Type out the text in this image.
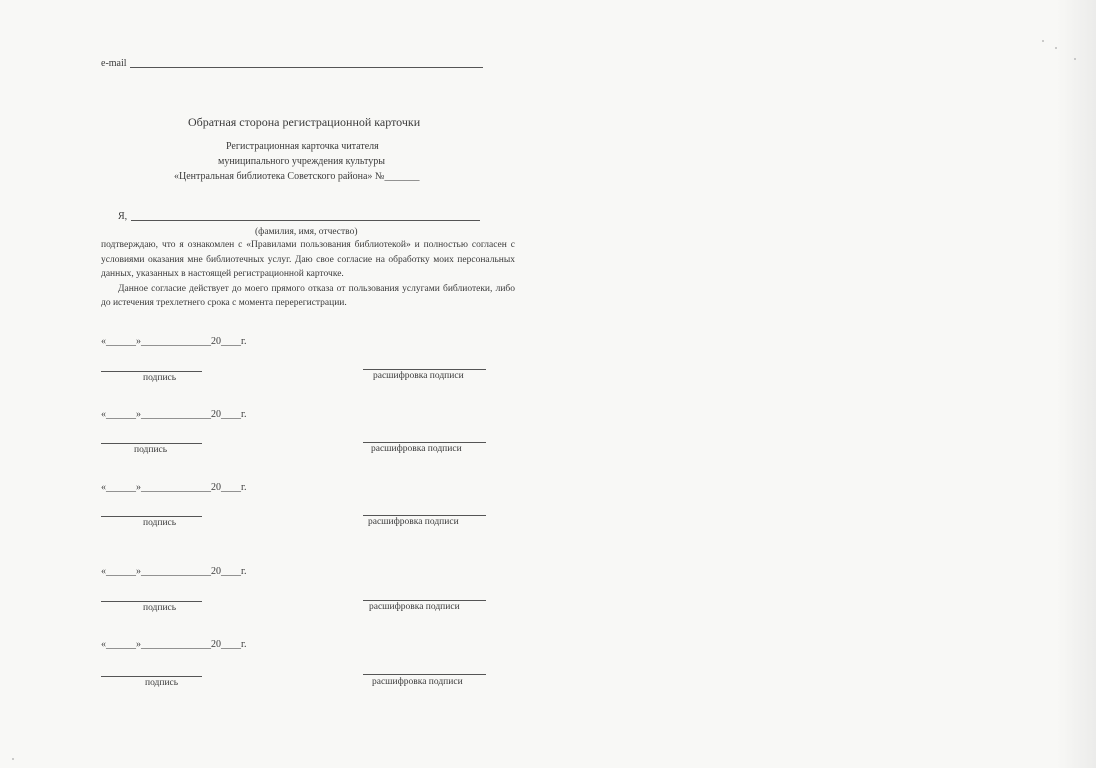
e-mail
Обратная сторона регистрационной карточки
Регистрационная карточка читателя
муниципального учреждения культуры
«Центральная библиотека Советского района» №_______
Я,
(фамилия, имя, отчество)

подтверждаю, что я ознакомлен с «Правилами пользования библиотекой» и полностью согласен с условиями оказания мне библиотечных услуг. Даю свое согласие на обработку моих персональных данных, указанных в настоящей регистрационной карточке.

Данное согласие действует до моего прямого отказа от пользования услугами библиотеки, либо до истечения трехлетнего срока с момента перерегистрации.

«______»______________20____г.
подпись	расшифровка подписи
«______»______________20____г.
подпись	расшифровка подписи
«______»______________20____г.
подпись	расшифровка подписи
«______»______________20____г.
подпись	расшифровка подписи
«______»______________20____г.
подпись	расшифровка подписи
